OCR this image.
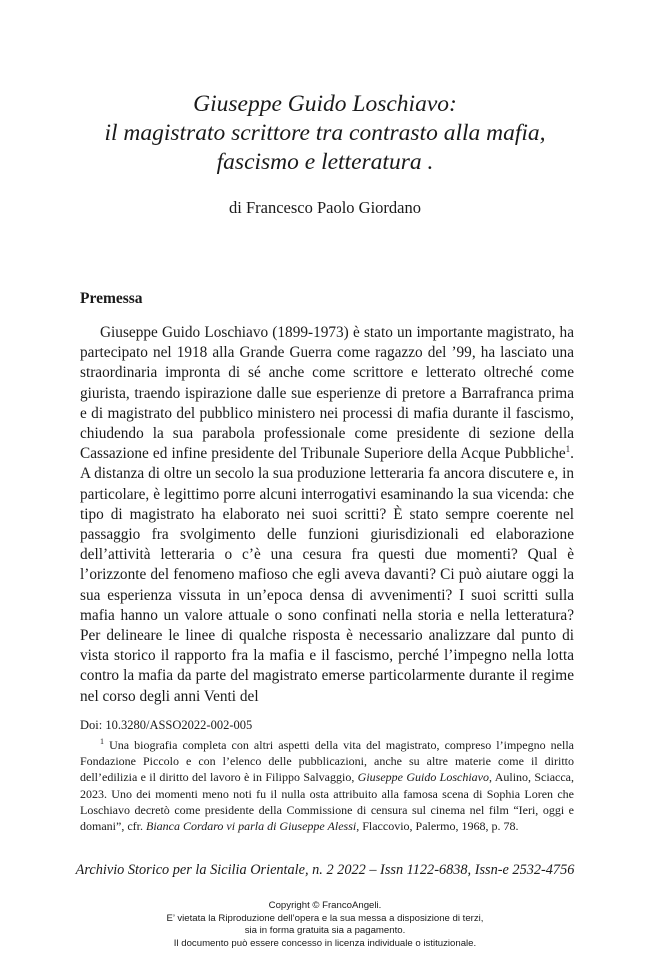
Giuseppe Guido Loschiavo:
il magistrato scrittore tra contrasto alla mafia,
fascismo e letteratura .
di Francesco Paolo Giordano
Premessa

Giuseppe Guido Loschiavo (1899-1973) è stato un importante magistrato, ha partecipato nel 1918 alla Grande Guerra come ragazzo del ’99, ha lasciato una straordinaria impronta di sé anche come scrittore e letterato oltreché come giurista, traendo ispirazione dalle sue esperienze di pretore a Barrafranca prima e di magistrato del pubblico ministero nei processi di mafia durante il fascismo, chiudendo la sua parabola professionale come presidente di sezione della Cassazione ed infine presidente del Tribunale Superiore della Acque Pubbliche$^1$. A distanza di oltre un secolo la sua produzione letteraria fa ancora discutere e, in particolare, è legittimo porre alcuni interrogativi esaminando la sua vicenda: che tipo di magistrato ha elaborato nei suoi scritti? È stato sempre coerente nel passaggio fra svolgimento delle funzioni giurisdizionali ed elaborazione dell’attività letteraria o c’è una cesura fra questi due momenti? Qual è l’orizzonte del fenomeno mafioso che egli aveva davanti? Ci può aiutare oggi la sua esperienza vissuta in un’epoca densa di avvenimenti? I suoi scritti sulla mafia hanno un valore attuale o sono confinati nella storia e nella letteratura? Per delineare le linee di qualche risposta è necessario analizzare dal punto di vista storico il rapporto fra la mafia e il fascismo, perché l’impegno nella lotta contro la mafia da parte del magistrato emerse particolarmente durante il regime nel corso degli anni Venti del

Doi: 10.3280/ASSO2022-002-005

$^1$ Una biografia completa con altri aspetti della vita del magistrato, compreso l’impegno nella Fondazione Piccolo e con l’elenco delle pubblicazioni, anche su altre materie come il diritto dell’edilizia e il diritto del lavoro è in Filippo Salvaggio, Giuseppe Guido Loschiavo, Aulino, Sciacca, 2023. Uno dei momenti meno noti fu il nulla osta attribuito alla famosa scena di Sophia Loren che Loschiavo decretò come presidente della Commissione di censura sul cinema nel film “Ieri, oggi e domani”, cfr. Bianca Cordaro vi parla di Giuseppe Alessi, Flaccovio, Palermo, 1968, p. 78.

Archivio Storico per la Sicilia Orientale, n. 2 2022 – Issn 1122-6838, Issn-e 2532-4756
Copyright © FrancoAngeli.
E’ vietata la Riproduzione dell’opera e la sua messa a disposizione di terzi,
sia in forma gratuita sia a pagamento.
Il documento può essere concesso in licenza individuale o istituzionale.
